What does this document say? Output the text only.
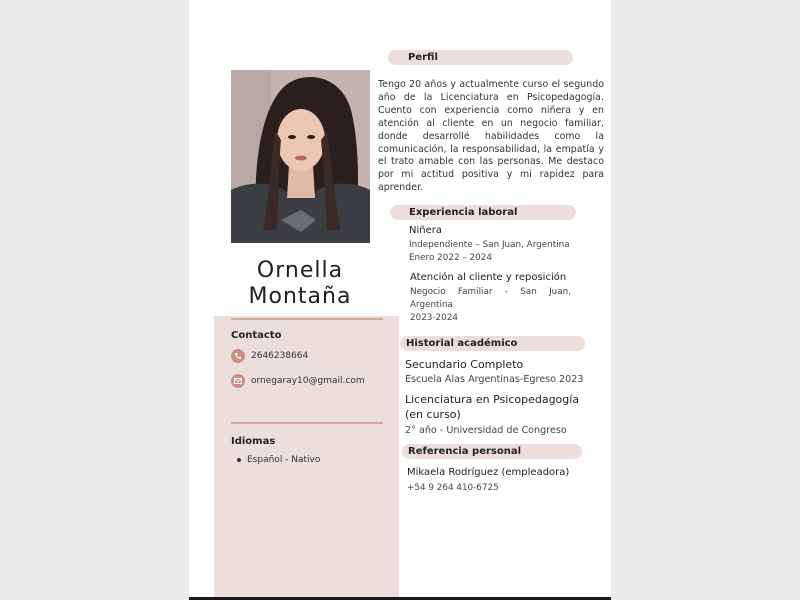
Ornella
Montaña
Contacto
2646238664
ornegaray10@gmail.com
Idiomas
Español - Nativo
Perfil
Tengo 20 años y actualmente curso el segundo año de la Licenciatura en Psicopedagogía. Cuento con experiencia como niñera y en atención al cliente en un negocio familiar, donde desarrollé habilidades como la comunicación, la responsabilidad, la empatía y el trato amable con las personas. Me destaco por mi actitud positiva y mi rapidez para aprender.
Experiencia laboral
Niñera
Independiente – San Juan, Argentina
Enero 2022 – 2024
Atención al cliente y reposición
Negocio Familiar - San Juan,
Argentina
2023-2024
Historial académico
Secundario Completo
Escuela Alas Argentinas-Egreso 2023
Licenciatura en Psicopedagogía
(en curso)
2° año - Universidad de Congreso
Referencia personal
Mikaela Rodríguez (empleadora)
+54 9 264 410-6725
